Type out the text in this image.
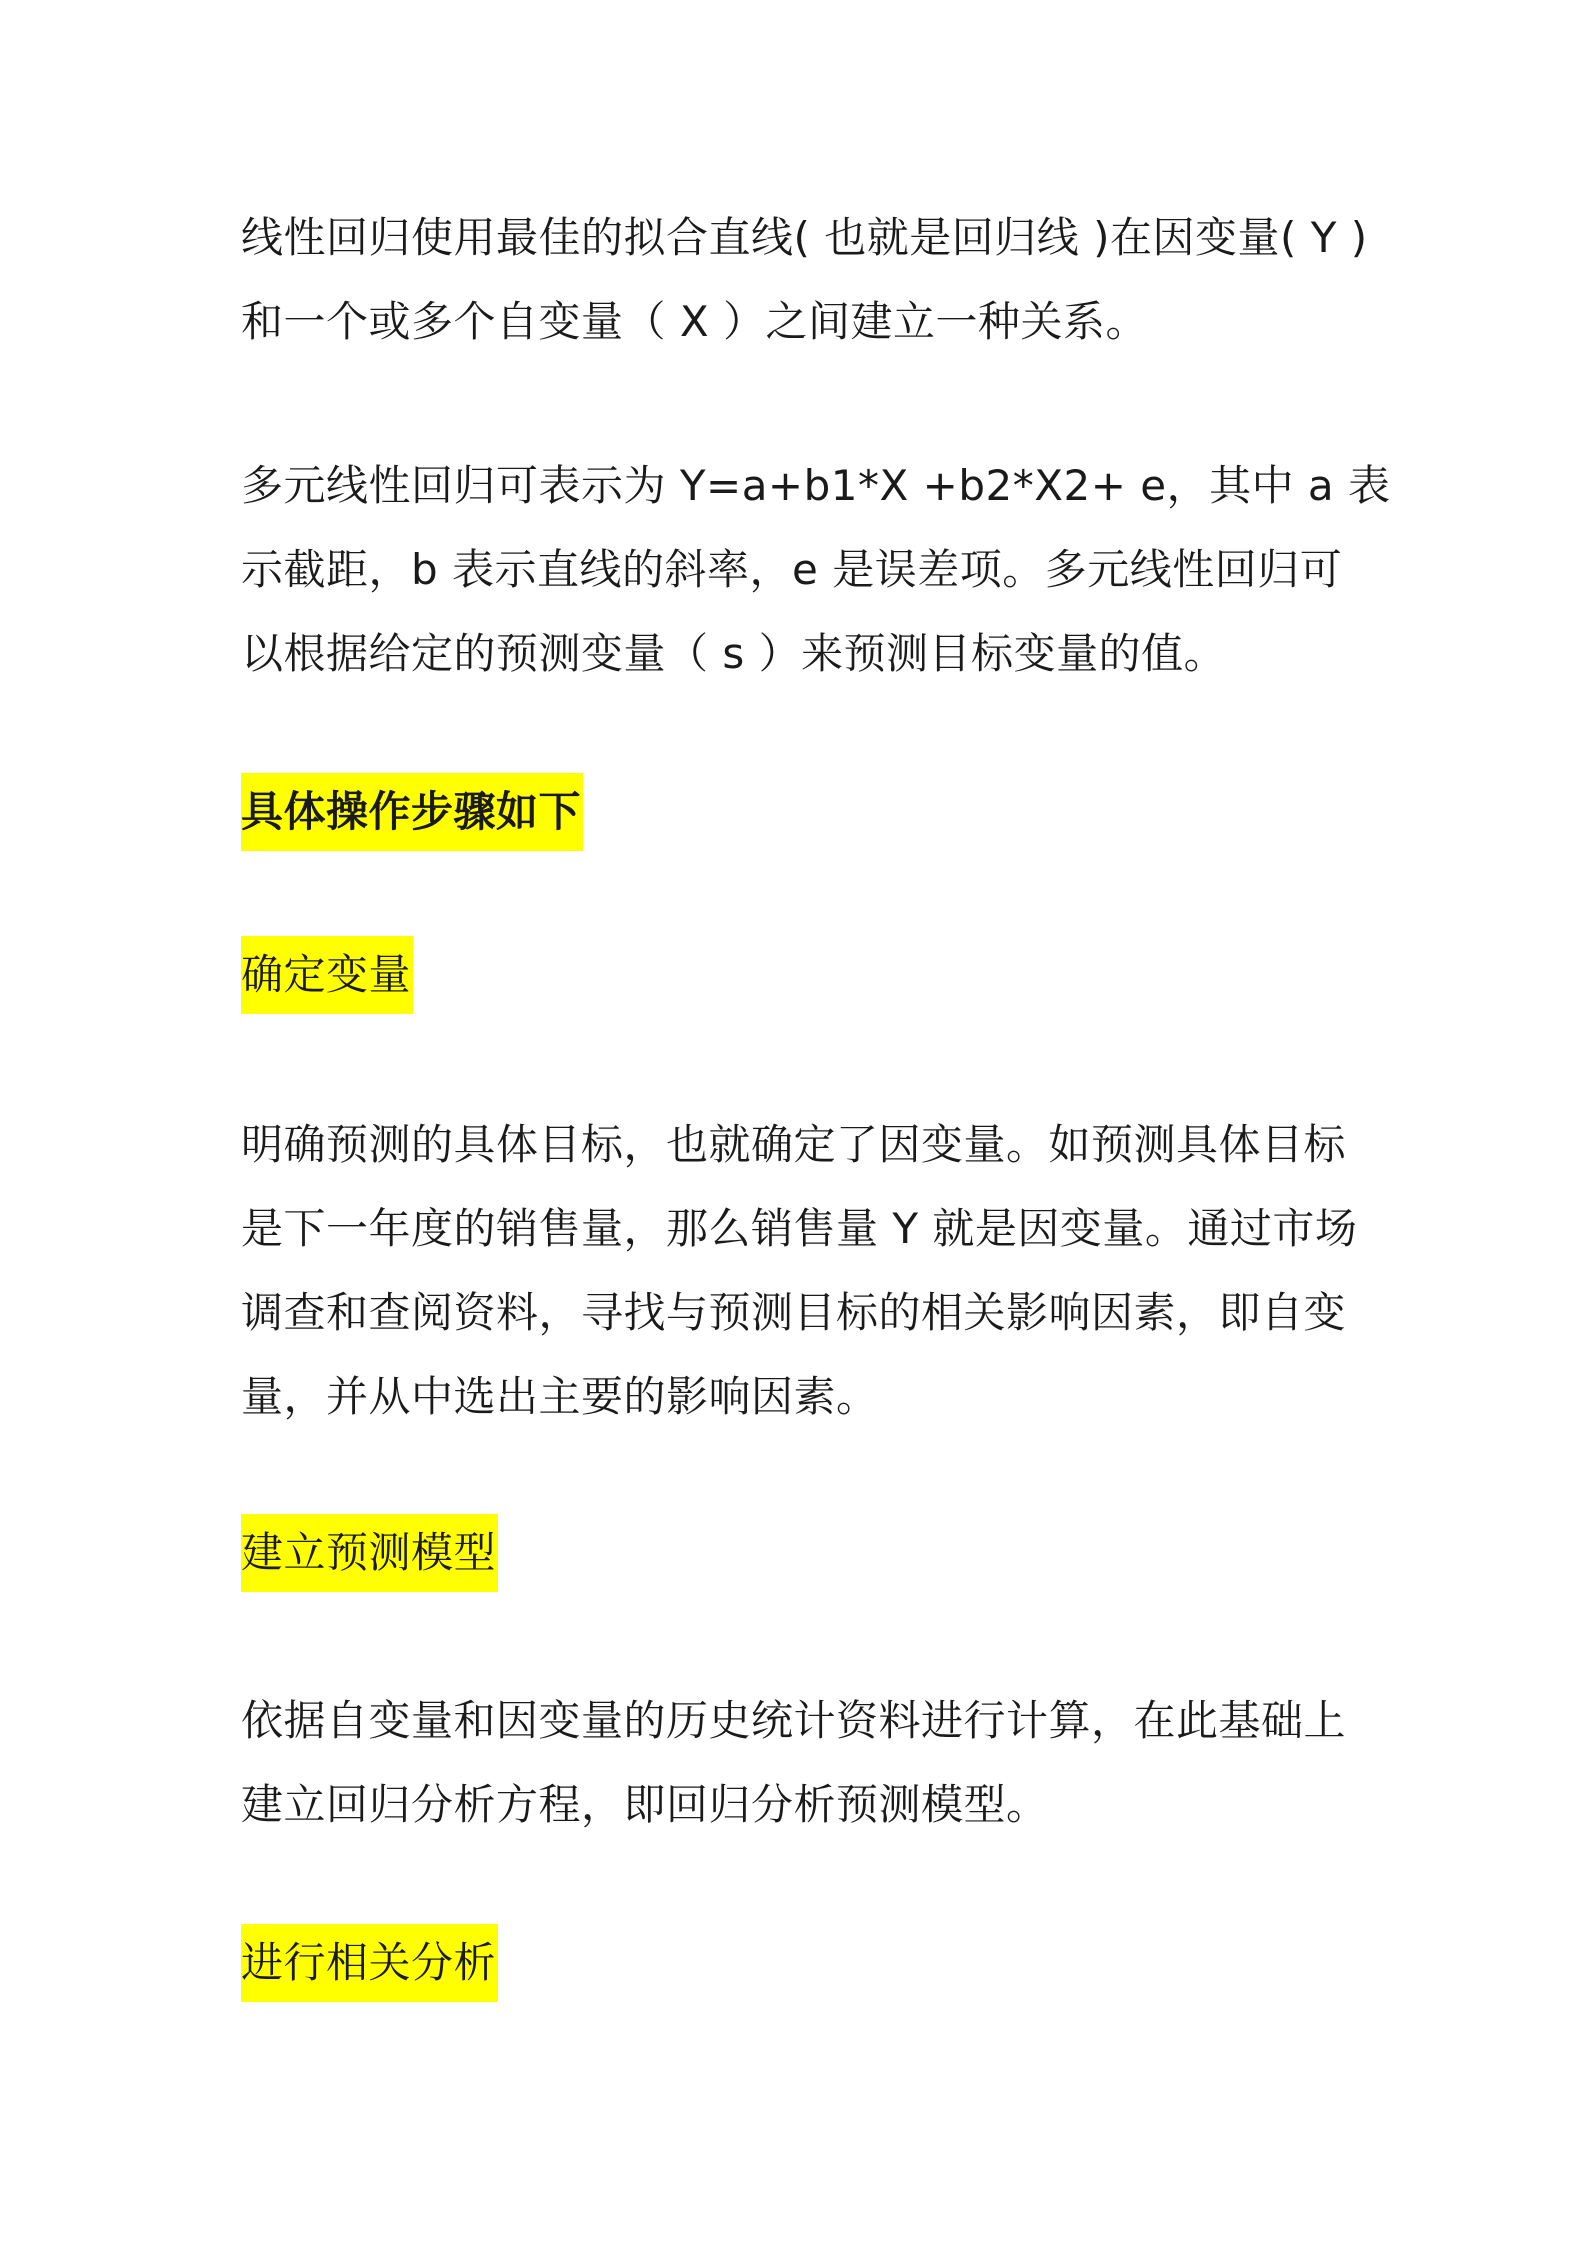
线性回归使用最佳的拟合直线( 也就是回归线 )在因变量( Y )
和一个或多个自变量（ X ）之间建立一种关系。

多元线性回归可表示为 Y=a+b1*X +b2*X2+ e，其中 a 表
示截距，b 表示直线的斜率，e 是误差项。多元线性回归可
以根据给定的预测变量（ s ）来预测目标变量的值。

具体操作步骤如下
确定变量

明确预测的具体目标，也就确定了因变量。如预测具体目标
是下一年度的销售量，那么销售量 Y 就是因变量。通过市场
调查和查阅资料，寻找与预测目标的相关影响因素，即自变
量，并从中选出主要的影响因素。

建立预测模型

依据自变量和因变量的历史统计资料进行计算，在此基础上
建立回归分析方程，即回归分析预测模型。

进行相关分析
